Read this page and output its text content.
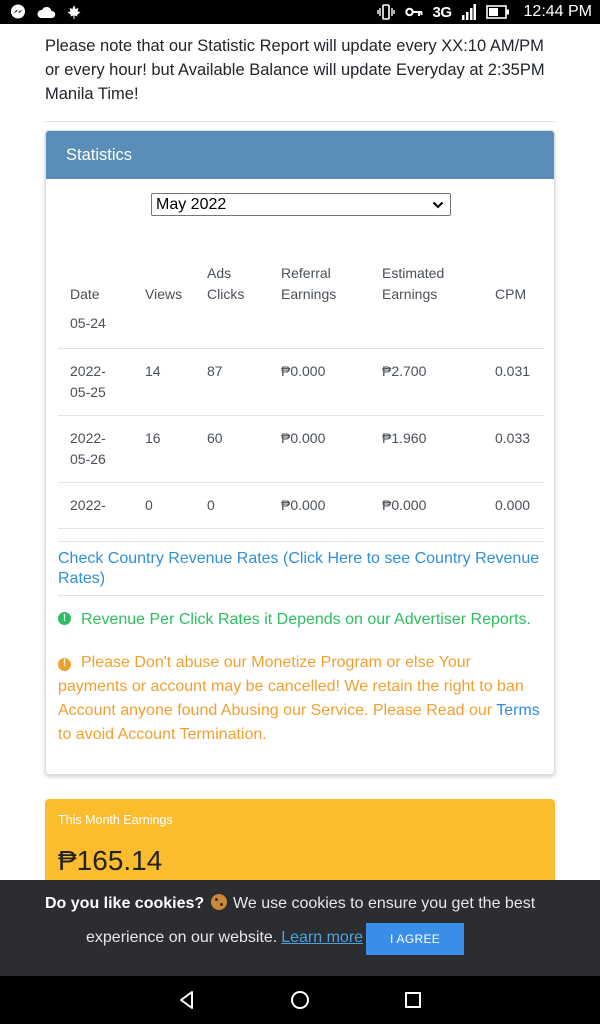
3G	12:44 PM

Please note that our Statistic Report will update every XX:10 AM/PM or every hour! but Available Balance will update Everyday at 2:35PM Manila Time!

Statistics
May 2022
Date	Views	Ads Clicks	Referral Earnings	Estimated Earnings	CPM
05-24					
2022-05-25	14	87	₱0.000	₱2.700	0.031
2022-05-26	16	60	₱0.000	₱1.960	0.033
2022-	0	0	₱0.000	₱0.000	0.000
Check Country Revenue Rates (Click Here to see Country Revenue Rates)
! Revenue Per Click Rates it Depends on our Advertiser Reports.

! Please Don't abuse our Monetize Program or else Your payments or account may be cancelled! We retain the right to ban Account anyone found Abusing our Service. Please Read our Terms to avoid Account Termination.

This Month Earnings
₱165.14
Do you like cookies?  We use cookies to ensure you get the best
experience on our website. Learn more	I AGREE
